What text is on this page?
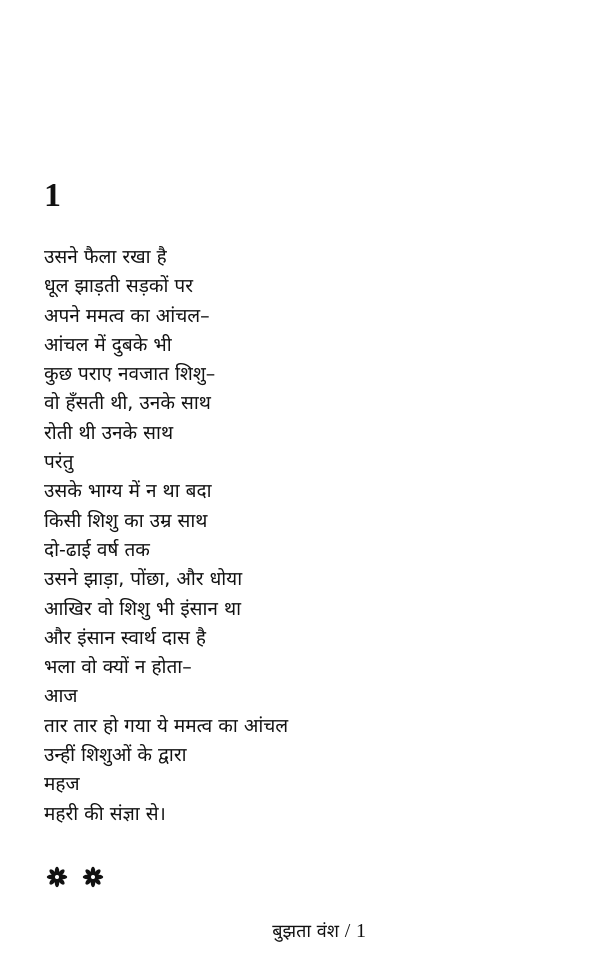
1
उसने फैला रखा है
धूल झाड़ती सड़कों पर
अपने ममत्व का आंचल–
आंचल में दुबके भी
कुछ पराए नवजात शिशु–
वो हँसती थी, उनके साथ
रोती थी उनके साथ
परंतु
उसके भाग्य में न था बदा
किसी शिशु का उम्र साथ
दो-ढाई वर्ष तक
उसने झाड़ा, पोंछा, और धोया
आखिर वो शिशु भी इंसान था
और इंसान स्वार्थ दास है
भला वो क्यों न होता–
आज
तार तार हो गया ये ममत्व का आंचल
उन्हीं शिशुओं के द्वारा
महज
महरी की संज्ञा से।
बुझता वंश / 1
